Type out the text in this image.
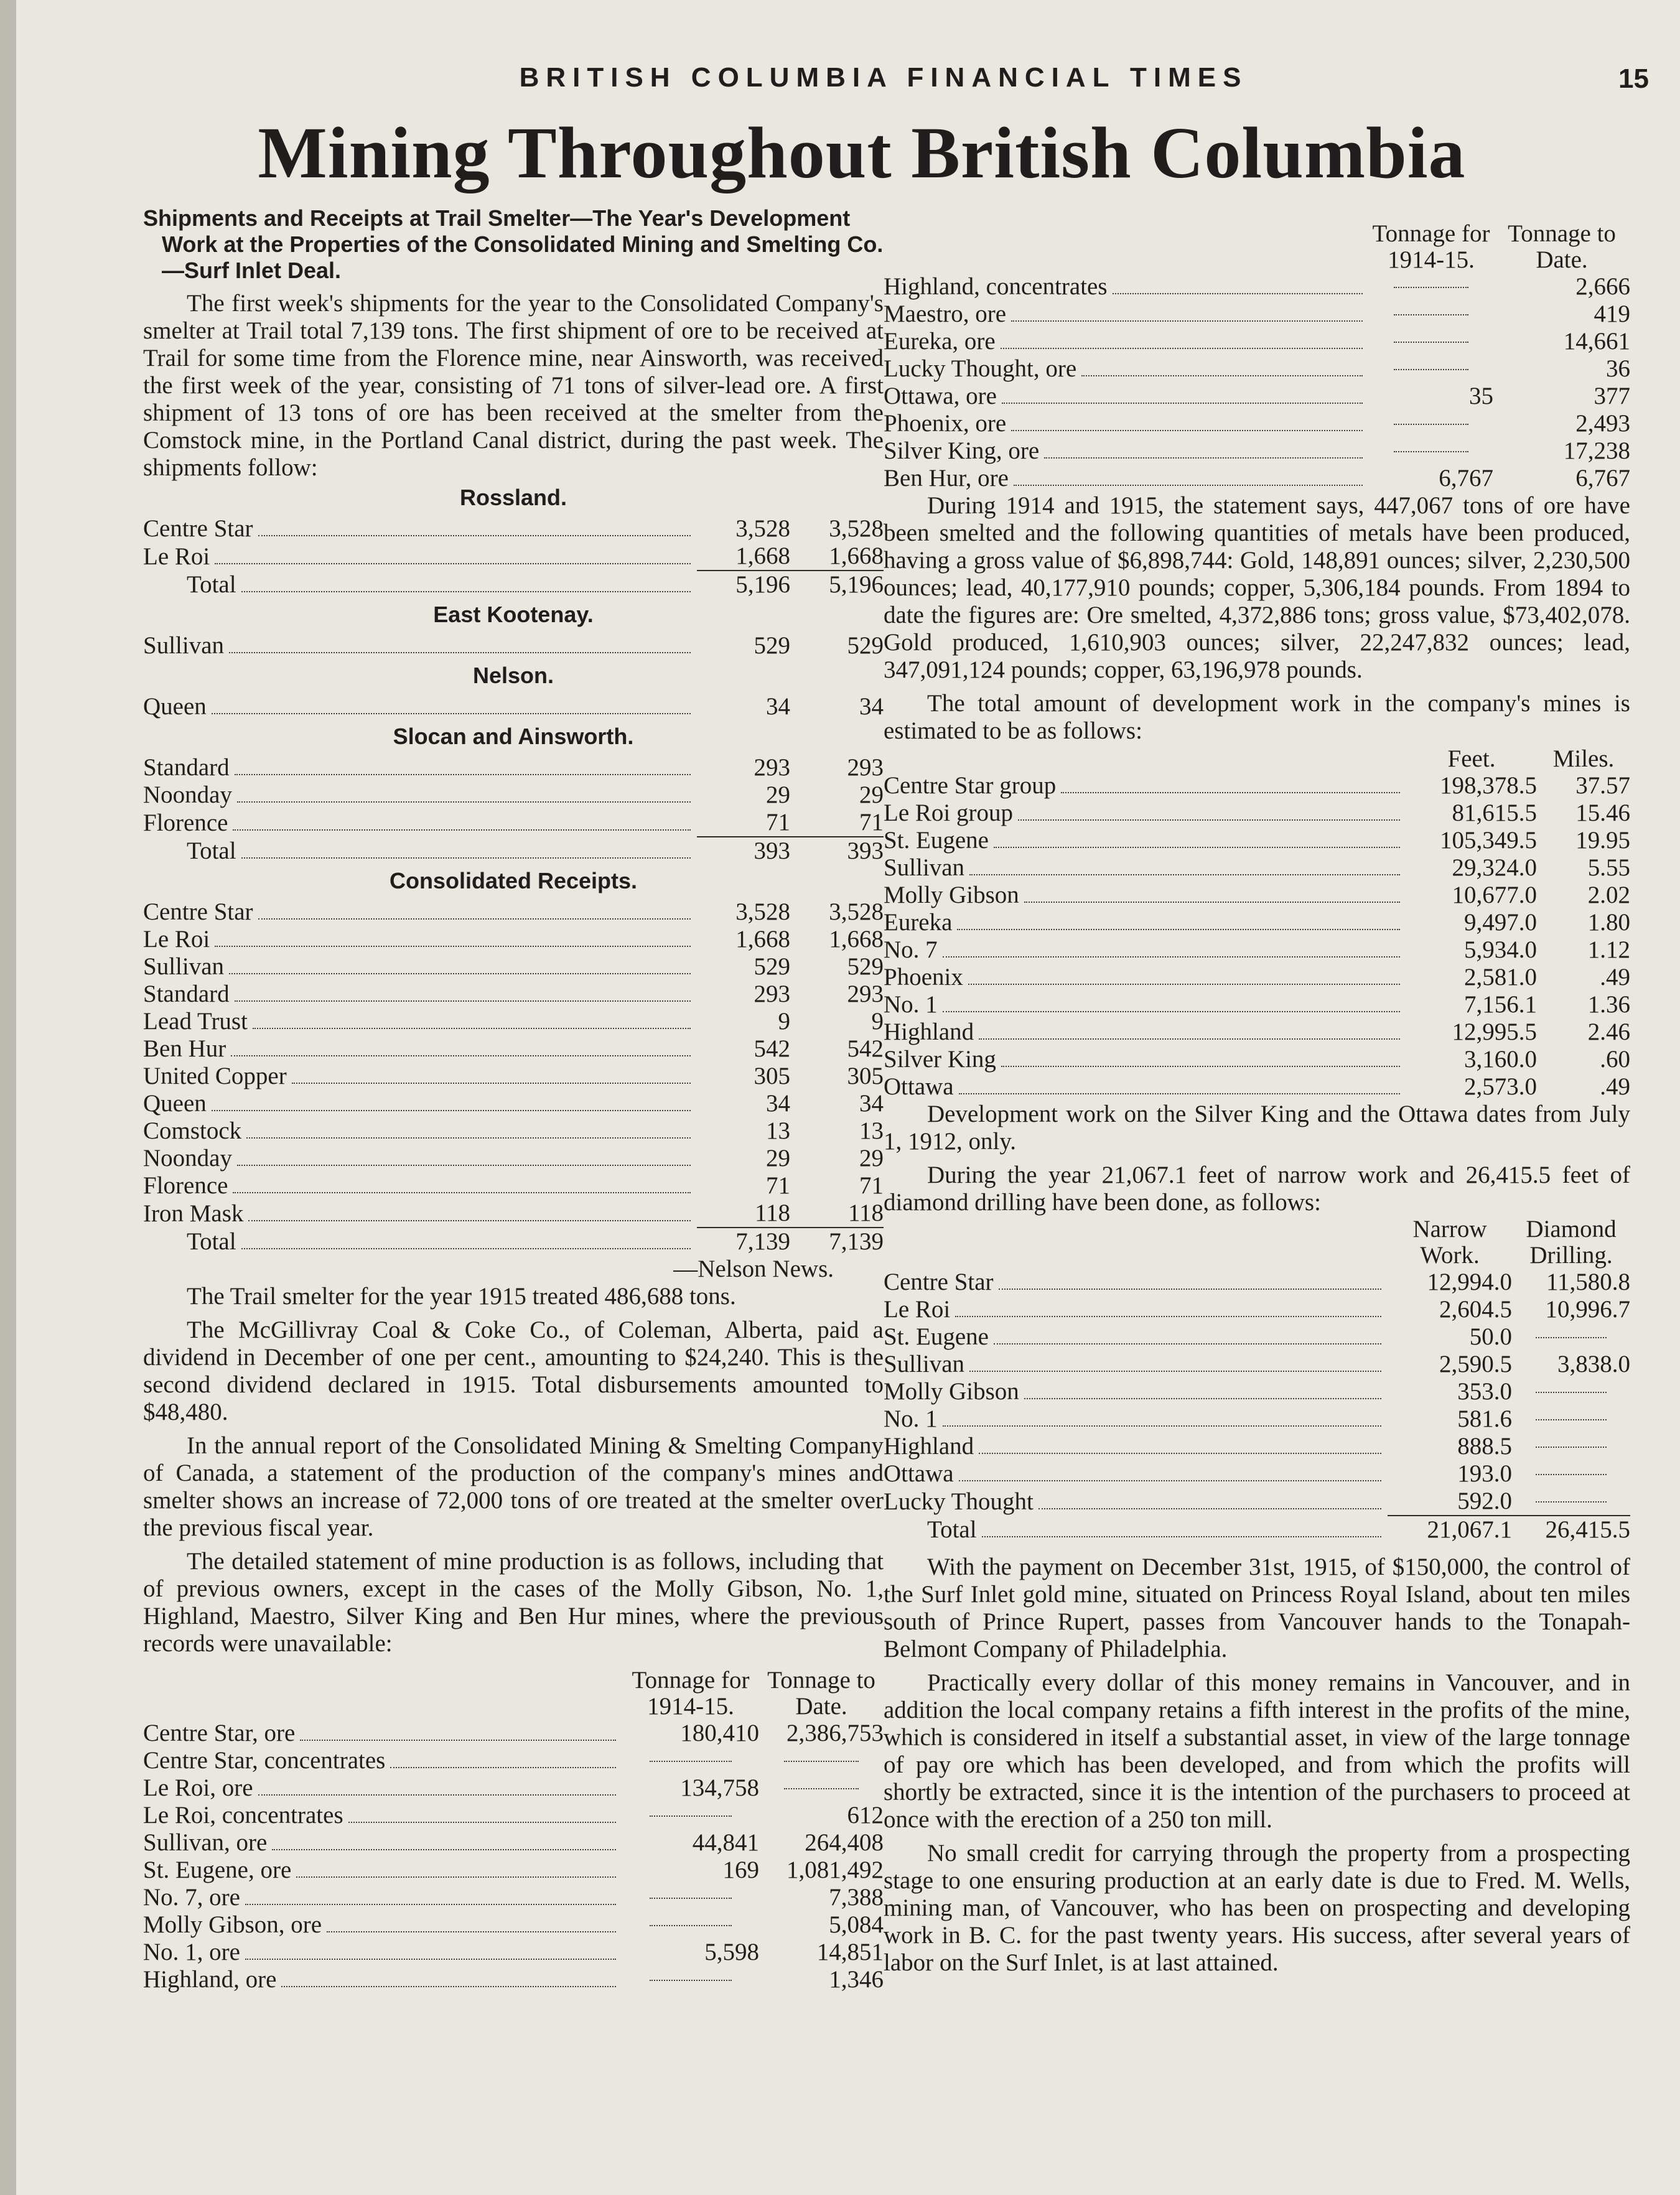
BRITISH COLUMBIA FINANCIAL TIMES	15
Mining Throughout British Columbia
Shipments and Receipts at Trail Smelter—The Year's Development Work at the Properties of the Consolidated Mining and Smelting Co.—Surf Inlet Deal.

The first week's shipments for the year to the Consolidated Company's smelter at Trail total 7,139 tons. The first shipment of ore to be received at Trail for some time from the Florence mine, near Ainsworth, was received the first week of the year, consisting of 71 tons of silver-lead ore. A first shipment of 13 tons of ore has been received at the smelter from the Comstock mine, in the Portland Canal district, during the past week. The shipments follow:

Rossland.
Centre Star	3,528	3,528

Le Roi	1,668	1,668

Total	5,196	5,196
East Kootenay.
Sullivan	529	529
Nelson.
Queen	34	34
Slocan and Ainsworth.
Standard	293	293

Noonday	29	29

Florence	71	71

Total	393	393
Consolidated Receipts.
Centre Star	3,528	3,528

Le Roi	1,668	1,668

Sullivan	529	529

Standard	293	293

Lead Trust	9	9

Ben Hur	542	542

United Copper	305	305

Queen	34	34

Comstock	13	13

Noonday	29	29

Florence	71	71

Iron Mask	118	118

Total	7,139	7,139

—Nelson News.

The Trail smelter for the year 1915 treated 486,688 tons.

The McGillivray Coal & Coke Co., of Coleman, Alberta, paid a dividend in December of one per cent., amounting to $24,240. This is the second dividend declared in 1915. Total disbursements amounted to $48,480.

In the annual report of the Consolidated Mining & Smelting Company of Canada, a statement of the production of the company's mines and smelter shows an increase of 72,000 tons of ore treated at the smelter over the previous fiscal year.

The detailed statement of mine production is as follows, including that of previous owners, except in the cases of the Molly Gibson, No. 1, Highland, Maestro, Silver King and Ben Hur mines, where the previous records were unavailable:

	Tonnage for 1914-15.	Tonnage to Date.

Centre Star, ore	180,410	2,386,753

Centre Star, concentrates		

Le Roi, ore	134,758	

Le Roi, concentrates		612

Sullivan, ore	44,841	264,408

St. Eugene, ore	169	1,081,492

No. 7, ore		7,388

Molly Gibson, ore		5,084

No. 1, ore	5,598	14,851

Highland, ore		1,346
	Tonnage for 1914-15.	Tonnage to Date.

Highland, concentrates		2,666

Maestro, ore		419

Eureka, ore		14,661

Lucky Thought, ore		36

Ottawa, ore	35	377

Phoenix, ore		2,493

Silver King, ore		17,238

Ben Hur, ore	6,767	6,767

During 1914 and 1915, the statement says, 447,067 tons of ore have been smelted and the following quantities of metals have been produced, having a gross value of $6,898,744: Gold, 148,891 ounces; silver, 2,230,500 ounces; lead, 40,177,910 pounds; copper, 5,306,184 pounds. From 1894 to date the figures are: Ore smelted, 4,372,886 tons; gross value, $73,402,078. Gold produced, 1,610,903 ounces; silver, 22,247,832 ounces; lead, 347,091,124 pounds; copper, 63,196,978 pounds.

The total amount of development work in the company's mines is estimated to be as follows:

	Feet.	Miles.

Centre Star group	198,378.5	37.57

Le Roi group	81,615.5	15.46

St. Eugene	105,349.5	19.95

Sullivan	29,324.0	5.55

Molly Gibson	10,677.0	2.02

Eureka	9,497.0	1.80

No. 7	5,934.0	1.12

Phoenix	2,581.0	.49

No. 1	7,156.1	1.36

Highland	12,995.5	2.46

Silver King	3,160.0	.60

Ottawa	2,573.0	.49

Development work on the Silver King and the Ottawa dates from July 1, 1912, only.

During the year 21,067.1 feet of narrow work and 26,415.5 feet of diamond drilling have been done, as follows:

	Narrow Work.	Diamond Drilling.

Centre Star	12,994.0	11,580.8

Le Roi	2,604.5	10,996.7

St. Eugene	50.0	

Sullivan	2,590.5	3,838.0

Molly Gibson	353.0	

No. 1	581.6	

Highland	888.5	

Ottawa	193.0	

Lucky Thought	592.0	

Total	21,067.1	26,415.5

With the payment on December 31st, 1915, of $150,000, the control of the Surf Inlet gold mine, situated on Princess Royal Island, about ten miles south of Prince Rupert, passes from Vancouver hands to the Tonapah-Belmont Company of Philadelphia.

Practically every dollar of this money remains in Vancouver, and in addition the local company retains a fifth interest in the profits of the mine, which is considered in itself a substantial asset, in view of the large tonnage of pay ore which has been developed, and from which the profits will shortly be extracted, since it is the intention of the purchasers to proceed at once with the erection of a 250 ton mill.

No small credit for carrying through the property from a prospecting stage to one ensuring production at an early date is due to Fred. M. Wells, mining man, of Vancouver, who has been on prospecting and developing work in B. C. for the past twenty years. His success, after several years of labor on the Surf Inlet, is at last attained.
